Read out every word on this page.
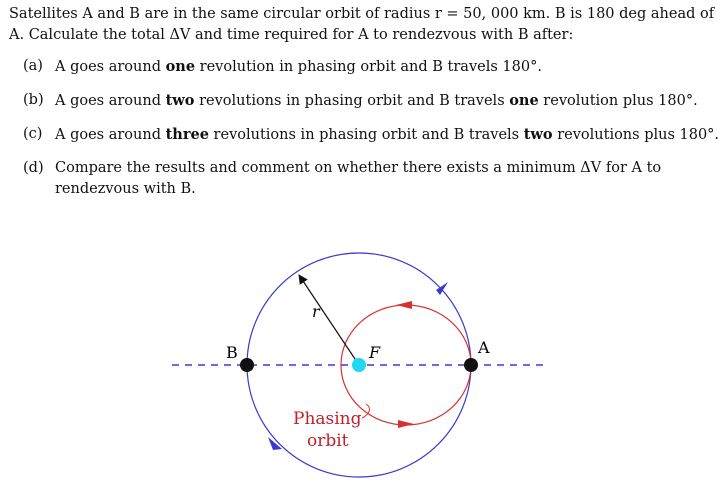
Satellites A and B are in the same circular orbit of radius r = 50, 000 km. B is 180 deg ahead of
A. Calculate the total ΔV and time required for A to rendezvous with B after:
(a) A goes around one revolution in phasing orbit and B travels 180°.
(b) A goes around two revolutions in phasing orbit and B travels one revolution plus 180°.
(c) A goes around three revolutions in phasing orbit and B travels two revolutions plus 180°.
(d) Compare the results and comment on whether there exists a minimum ΔV for A to rendezvous with B.
B	A
F
r
Phasing
orbit
